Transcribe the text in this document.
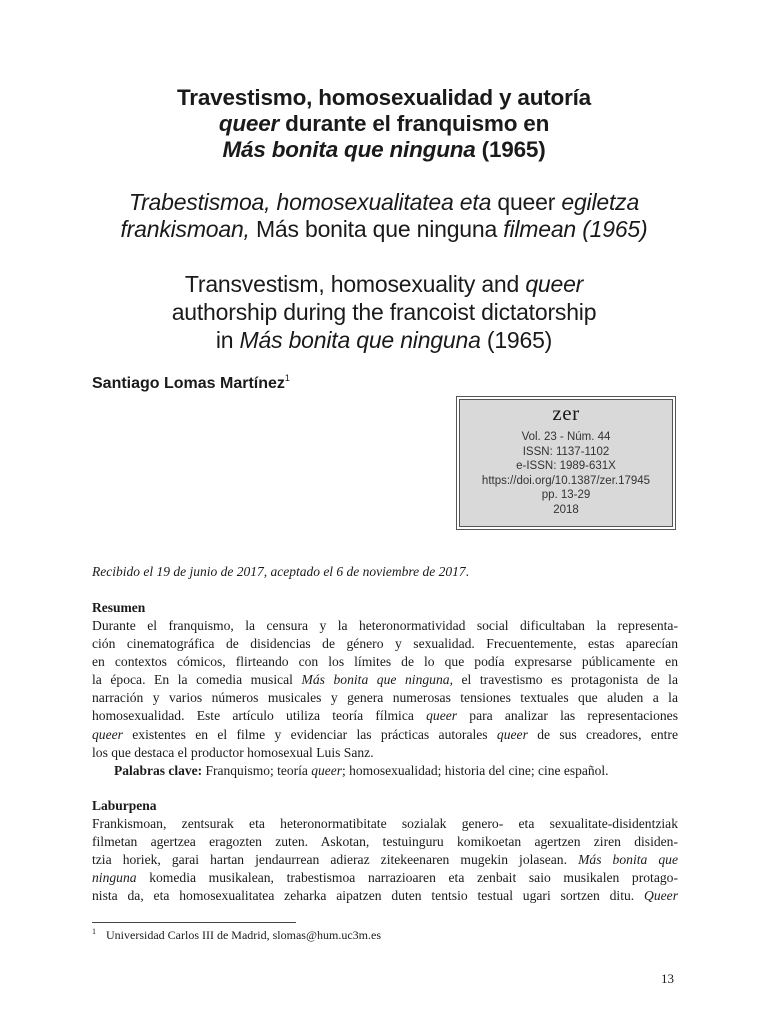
Travestismo, homosexualidad y autoría
queer durante el franquismo en
Más bonita que ninguna (1965)
Trabestismoa, homosexualitatea eta queer egiletza
frankismoan, Más bonita que ninguna filmean (1965)
Transvestism, homosexuality and queer
authorship during the francoist dictatorship
in Más bonita que ninguna (1965)
Santiago Lomas Martínez$^1$
zer
Vol. 23 - Núm. 44
ISSN: 1137-1102
e-ISSN: 1989-631X
https://doi.org/10.1387/zer.17945
pp. 13-29
2018
Recibido el 19 de junio de 2017, aceptado el 6 de noviembre de 2017.
Resumen
Durante el franquismo, la censura y la heteronormatividad social dificultaban la representa-
ción cinematográfica de disidencias de género y sexualidad. Frecuentemente, estas aparecían
en contextos cómicos, flirteando con los límites de lo que podía expresarse públicamente en
la época. En la comedia musical Más bonita que ninguna, el travestismo es protagonista de la
narración y varios números musicales y genera numerosas tensiones textuales que aluden a la
homosexualidad. Este artículo utiliza teoría fílmica queer para analizar las representaciones
queer existentes en el filme y evidenciar las prácticas autorales queer de sus creadores, entre
los que destaca el productor homosexual Luis Sanz.
Palabras clave: Franquismo; teoría queer; homosexualidad; historia del cine; cine español.
Laburpena
Frankismoan, zentsurak eta heteronormatibitate sozialak genero- eta sexualitate-disidentziak
filmetan agertzea eragozten zuten. Askotan, testuinguru komikoetan agertzen ziren disiden-
tzia horiek, garai hartan jendaurrean adieraz zitekeenaren mugekin jolasean. Más bonita que
ninguna komedia musikalean, trabestismoa narrazioaren eta zenbait saio musikalen protago-
nista da, eta homosexualitatea zeharka aipatzen duten tentsio testual ugari sortzen ditu. Queer
$^1$ Universidad Carlos III de Madrid, slomas@hum.uc3m.es
13
